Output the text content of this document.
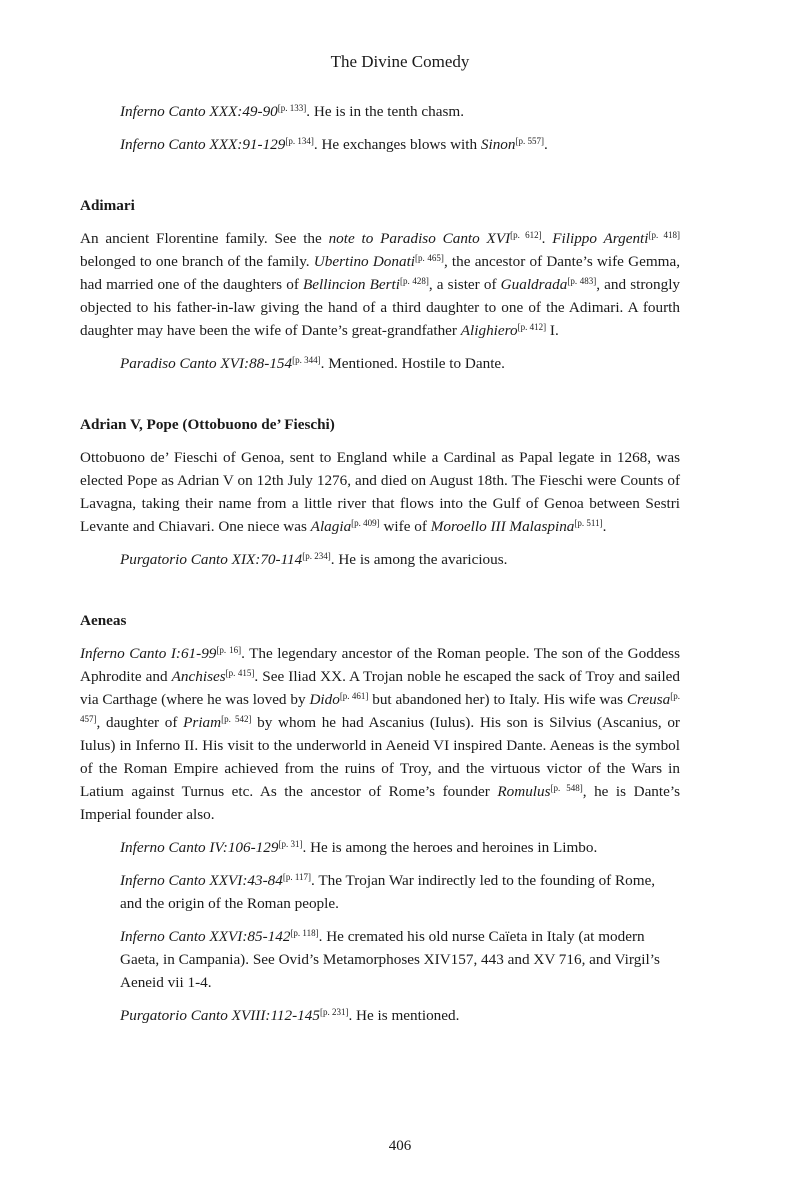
The Divine Comedy

Inferno Canto XXX:49-90[p. 133]. He is in the tenth chasm.

Inferno Canto XXX:91-129[p. 134]. He exchanges blows with Sinon[p. 557].

Adimari

An ancient Florentine family. See the note to Paradiso Canto XVI[p. 612]. Filippo Argenti[p. 418] belonged to one branch of the family. Ubertino Donati[p. 465], the ancestor of Dante’s wife Gemma, had married one of the daughters of Bellincion Berti[p. 428], a sister of Gualdrada[p. 483], and strongly objected to his father-in-law giving the hand of a third daughter to one of the Adimari. A fourth daughter may have been the wife of Dante’s great-grandfather Alighiero[p. 412] I.

Paradiso Canto XVI:88-154[p. 344]. Mentioned. Hostile to Dante.

Adrian V, Pope (Ottobuono de’ Fieschi)

Ottobuono de’ Fieschi of Genoa, sent to England while a Cardinal as Papal legate in 1268, was elected Pope as Adrian V on 12th July 1276, and died on August 18th. The Fieschi were Counts of Lavagna, taking their name from a little river that flows into the Gulf of Genoa between Sestri Levante and Chiavari. One niece was Alagia[p. 409] wife of Moroello III Malaspina[p. 511].

Purgatorio Canto XIX:70-114[p. 234]. He is among the avaricious.

Aeneas

Inferno Canto I:61-99[p. 16]. The legendary ancestor of the Roman people. The son of the Goddess Aphrodite and Anchises[p. 415]. See Iliad XX. A Trojan noble he escaped the sack of Troy and sailed via Carthage (where he was loved by Dido[p. 461] but abandoned her) to Italy. His wife was Creusa[p. 457], daughter of Priam[p. 542] by whom he had Ascanius (Iulus). His son is Silvius (Ascanius, or Iulus) in Inferno II. His visit to the underworld in Aeneid VI inspired Dante. Aeneas is the symbol of the Roman Empire achieved from the ruins of Troy, and the virtuous victor of the Wars in Latium against Turnus etc. As the ancestor of Rome’s founder Romulus[p. 548], he is Dante’s Imperial founder also.

Inferno Canto IV:106-129[p. 31]. He is among the heroes and heroines in Limbo.

Inferno Canto XXVI:43-84[p. 117]. The Trojan War indirectly led to the founding of Rome, and the origin of the Roman people.

Inferno Canto XXVI:85-142[p. 118]. He cremated his old nurse Caïeta in Italy (at modern Gaeta, in Campania). See Ovid’s Metamorphoses XIV157, 443 and XV 716, and Virgil’s Aeneid vii 1-4.

Purgatorio Canto XVIII:112-145[p. 231]. He is mentioned.

406
